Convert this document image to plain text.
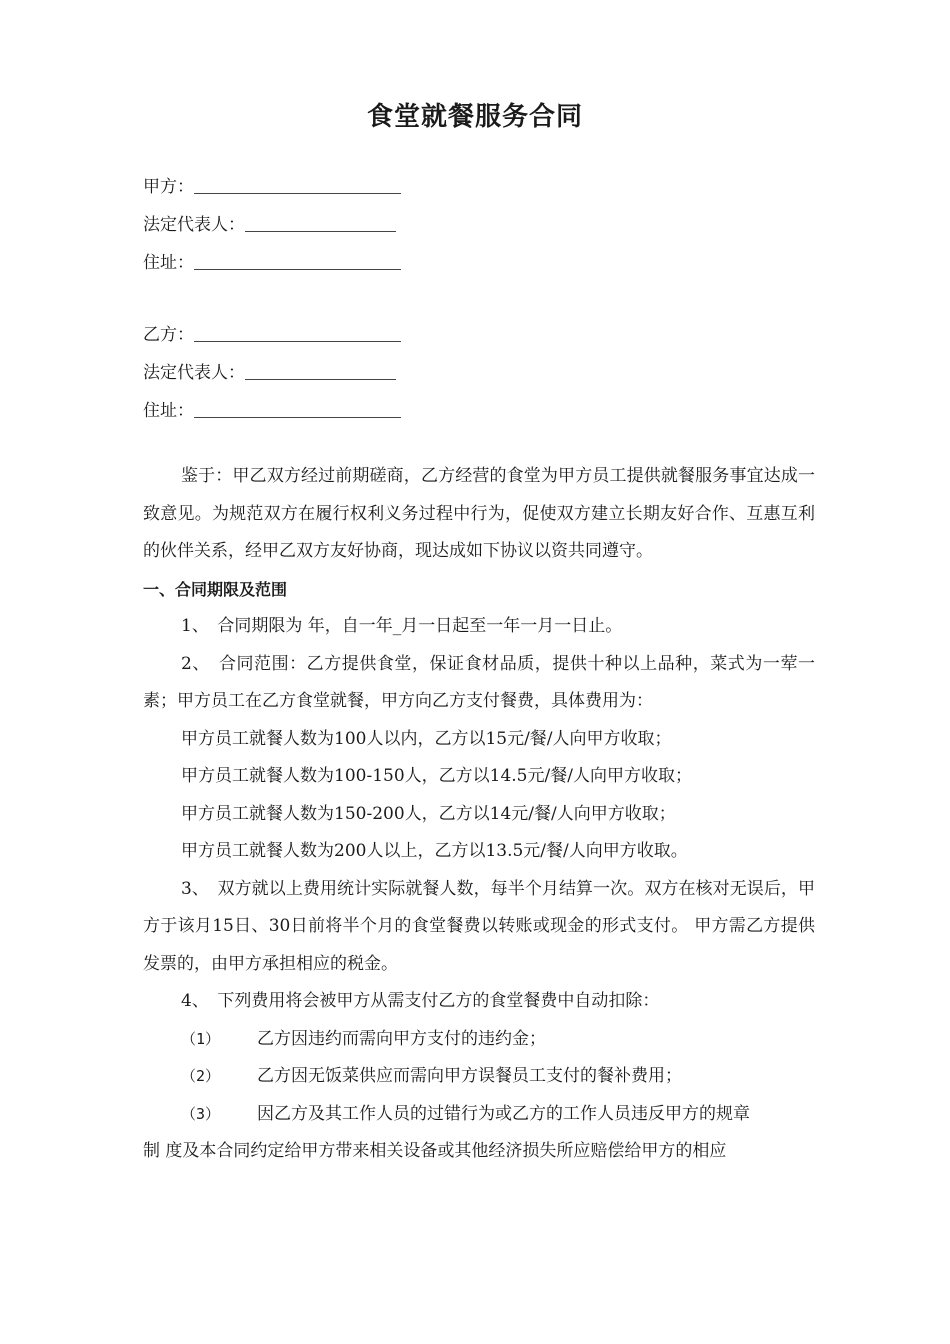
食堂就餐服务合同
甲方：
法定代表人：
住址：
乙方：
法定代表人：
住址：

鉴于：甲乙双方经过前期磋商，乙方经营的食堂为甲方员工提供就餐服务事宜达成一致意见。为规范双方在履行权利义务过程中行为，促使双方建立长期友好合作、互惠互利的伙伴关系，经甲乙双方友好协商，现达成如下协议以资共同遵守。

一、合同期限及范围

1、　合同期限为 年，自一年_月一日起至一年一月一日止。

2、　合同范围：乙方提供食堂，保证食材品质，提供十种以上品种，菜式为一荤一素；甲方员工在乙方食堂就餐，甲方向乙方支付餐费，具体费用为：

甲方员工就餐人数为100人以内，乙方以15元/餐/人向甲方收取；

甲方员工就餐人数为100-150人，乙方以14.5元/餐/人向甲方收取；

甲方员工就餐人数为150-200人，乙方以14元/餐/人向甲方收取；

甲方员工就餐人数为200人以上，乙方以13.5元/餐/人向甲方收取。

3、　双方就以上费用统计实际就餐人数，每半个月结算一次。双方在核对无误后，甲方于该月15日、30日前将半个月的食堂餐费以转账或现金的形式支付。 甲方需乙方提供发票的，由甲方承担相应的税金。

4、　下列费用将会被甲方从需支付乙方的食堂餐费中自动扣除：

（1）	乙方因违约而需向甲方支付的违约金；
（2）	乙方因无饭菜供应而需向甲方误餐员工支付的餐补费用；
（3）	因乙方及其工作人员的过错行为或乙方的工作人员违反甲方的规章

制 度及本合同约定给甲方带来相关设备或其他经济损失所应赔偿给甲方的相应
